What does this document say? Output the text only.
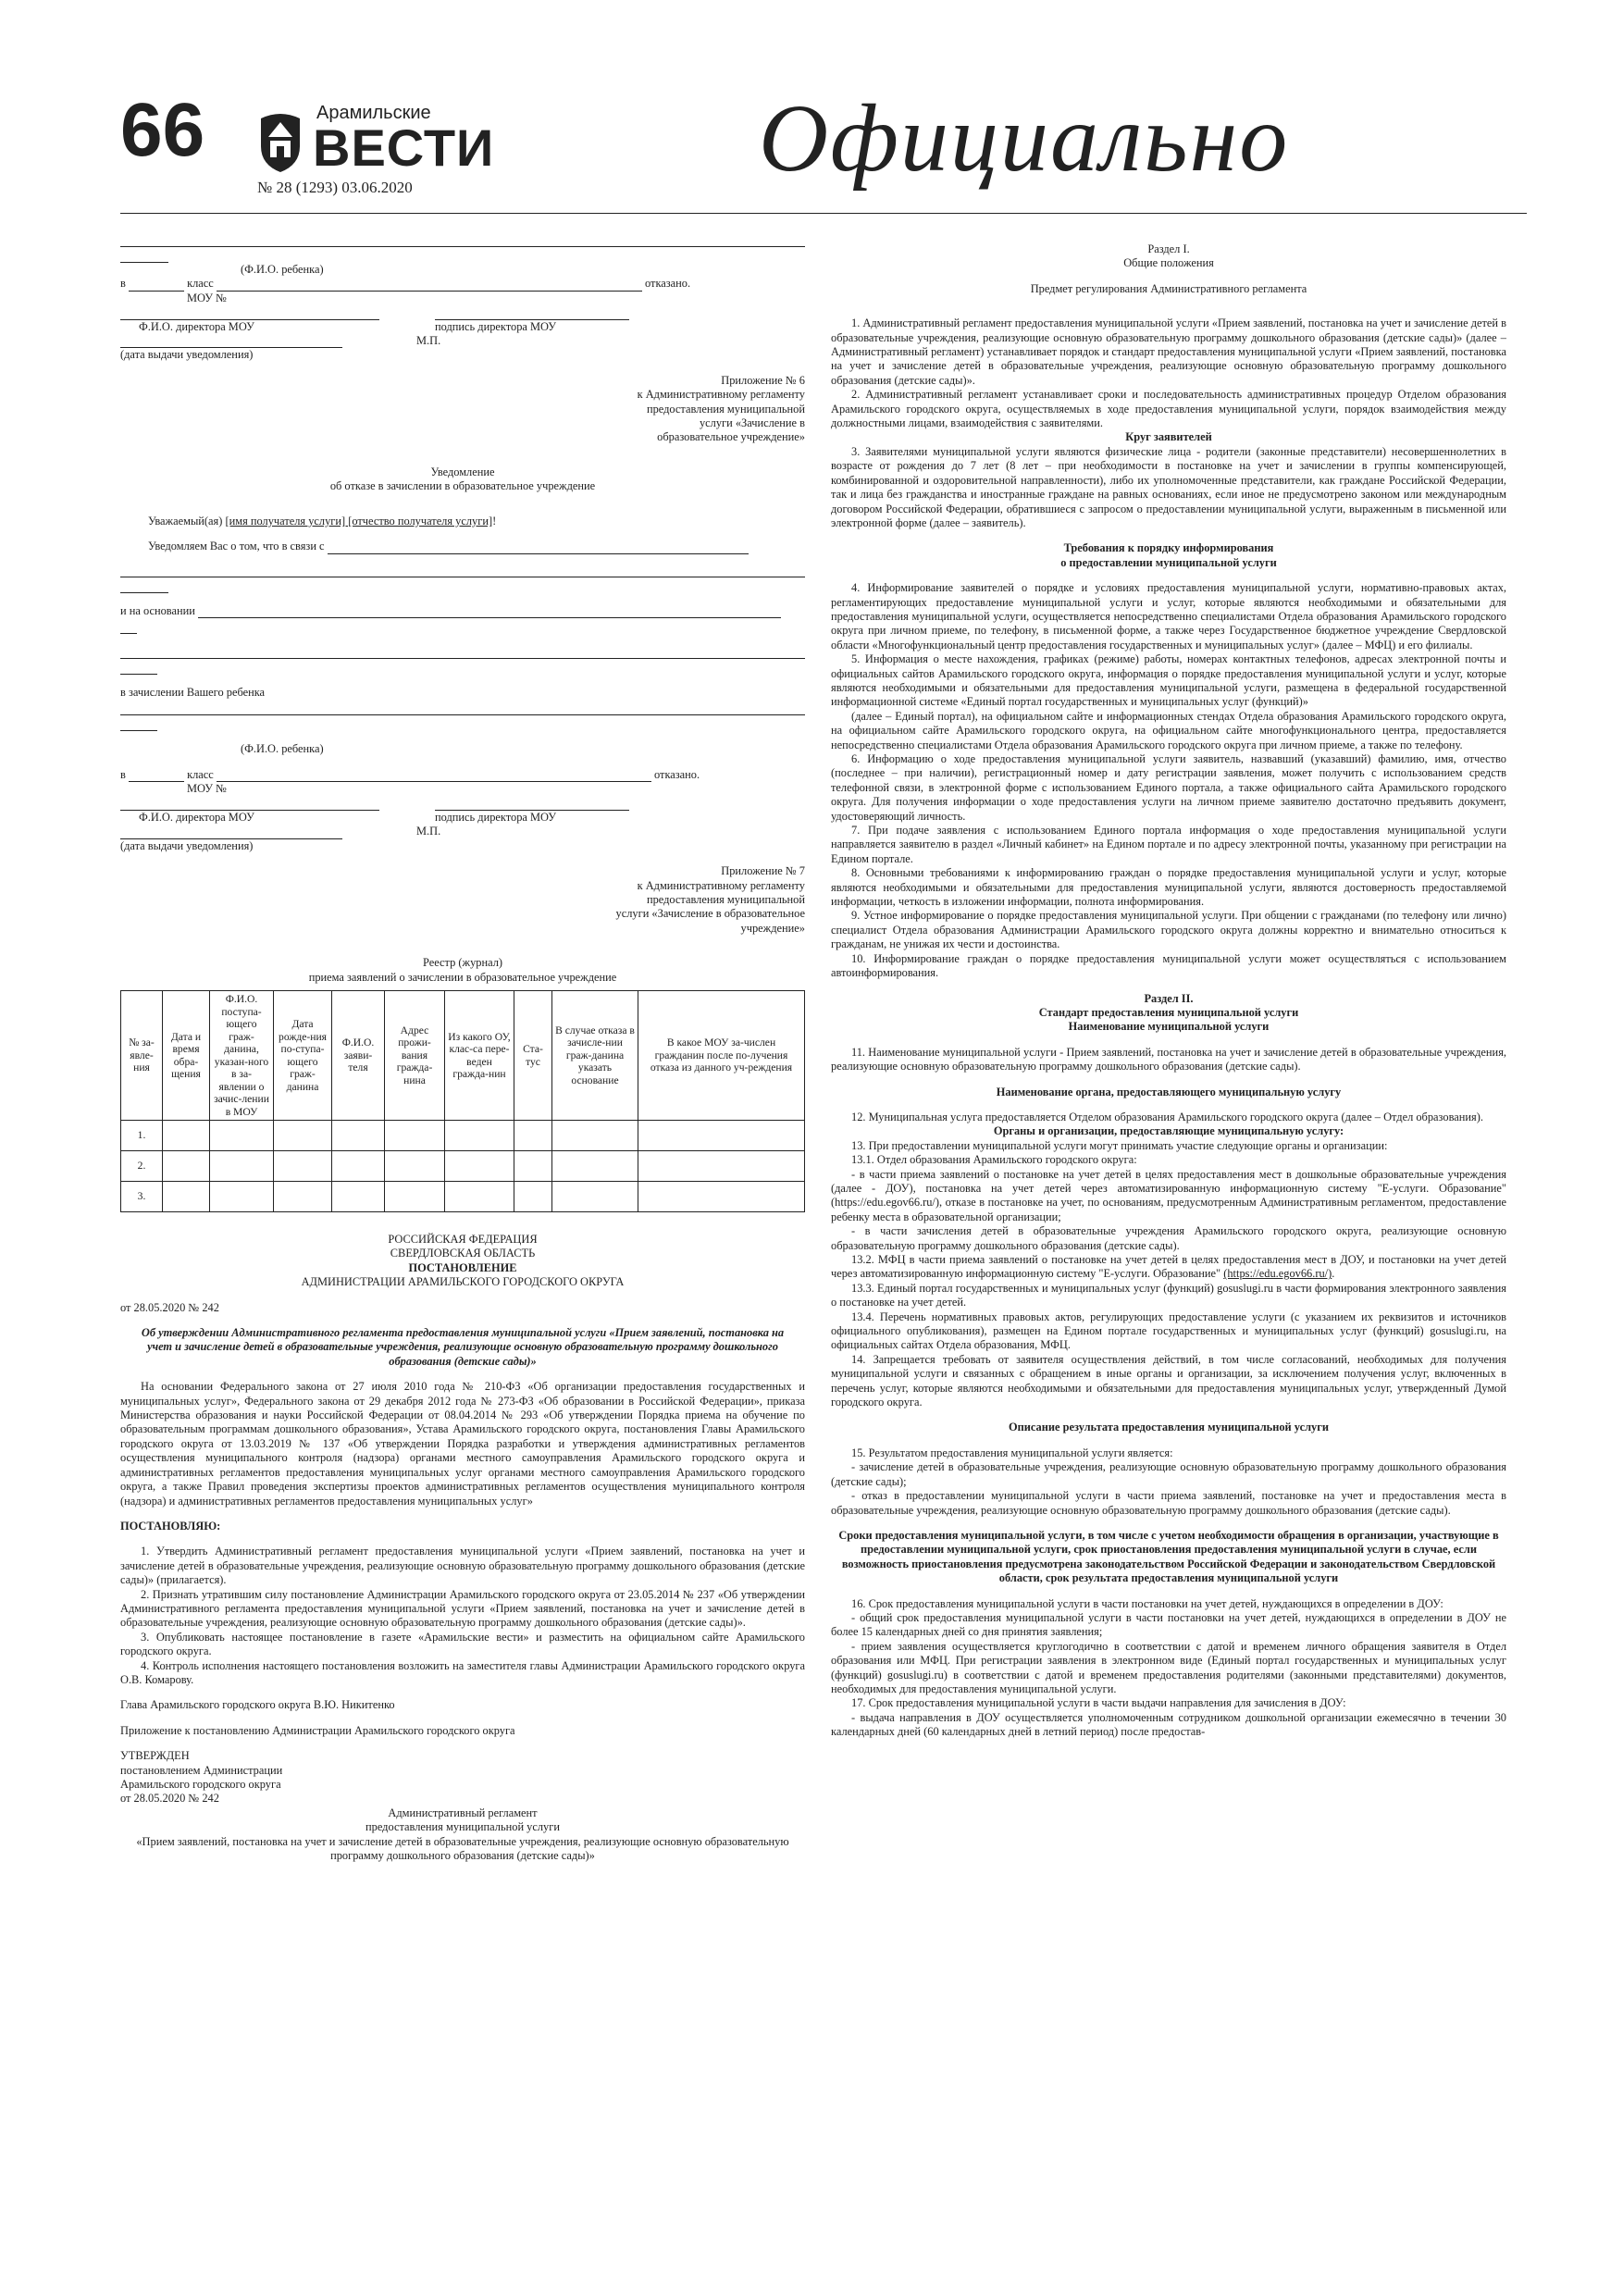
66	Арамильские
ВЕСТИ
№ 28 (1293) 03.06.2020	Официально

(Ф.И.О. ребенка)

в	класс	отказано.

МОУ №

Ф.И.О. директора МОУ	подпись директора МОУ

М.П.

(дата выдачи уведомления)

Приложение № 6

к Административному регламенту

предоставления муниципальной

услуги «Зачисление в

образовательное учреждение»

Уведомление

об отказе в зачислении в образовательное учреждение

Уважаемый(ая) [имя получателя услуги] [отчество получателя услуги]!

Уведомляем Вас о том, что в связи с

и на основании

в зачислении Вашего ребенка

(Ф.И.О. ребенка)

в	класс	отказано.

МОУ №

Ф.И.О. директора МОУ	подпись директора МОУ

М.П.

(дата выдачи уведомления)

Приложение № 7

к Административному регламенту

предоставления муниципальной

услуги «Зачисление в образовательное

учреждение»

Реестр (журнал)

приема заявлений о зачислении в образовательное учреждение

№ за-явле-ния	Дата и время обра-щения	Ф.И.О. поступа-ющего граж-данина, указан-ного в за-явлении о зачис-лении в МОУ	Дата рожде-ния по-ступа-ющего граж-данина	Ф.И.О. заяви-теля	Адрес прожи-вания гражда-нина	Из какого ОУ, клас-са пере-веден гражда-нин	Ста-тус	В случае отказа в зачисле-нии граж-данина указать основание	В какое МОУ за-числен гражданин после по-лучения отказа из данного уч-реждения
1.									
2.									
3.									

РОССИЙСКАЯ ФЕДЕРАЦИЯ

СВЕРДЛОВСКАЯ ОБЛАСТЬ

ПОСТАНОВЛЕНИЕ

АДМИНИСТРАЦИИ АРАМИЛЬСКОГО ГОРОДСКОГО ОКРУГА

от 28.05.2020 № 242

Об утверждении Административного регламента предоставления муниципальной услуги «Прием заявлений, постановка на учет и зачисление детей в образовательные учреждения, реализующие основную образовательную программу дошкольного образования (детские сады)»

На основании Федерального закона от 27 июля 2010 года № 210-ФЗ «Об организации предоставления государственных и муниципальных услуг», Федерального закона от 29 декабря 2012 года № 273-ФЗ «Об образовании в Российской Федерации», приказа Министерства образования и науки Российской Федерации от 08.04.2014 № 293 «Об утверждении Порядка приема на обучение по образовательным программам дошкольного образования», Устава Арамильского городского округа, постановления Главы Арамильского городского округа от 13.03.2019 № 137 «Об утверждении Порядка разработки и утверждения административных регламентов осуществления муниципального контроля (надзора) органами местного самоуправления Арамильского городского округа и административных регламентов предоставления муниципальных услуг органами местного самоуправления Арамильского городского округа, а также Правил проведения экспертизы проектов административных регламентов осуществления муниципального контроля (надзора) и административных регламентов предоставления муниципальных услуг»

ПОСТАНОВЛЯЮ:

1. Утвердить Административный регламент предоставления муниципальной услуги «Прием заявлений, постановка на учет и зачисление детей в образовательные учреждения, реализующие основную образовательную программу дошкольного образования (детские сады)» (прилагается).

2. Признать утратившим силу постановление Администрации Арамильского городского округа от 23.05.2014 № 237 «Об утверждении Административного регламента предоставления муниципальной услуги «Прием заявлений, постановка на учет и зачисление детей в образовательные учреждения, реализующие основную образовательную программу дошкольного образования (детские сады)».

3. Опубликовать настоящее постановление в газете «Арамильские вести» и разместить на официальном сайте Арамильского городского округа.

4. Контроль исполнения настоящего постановления возложить на заместителя главы Администрации Арамильского городского округа О.В. Комарову.

Глава Арамильского городского округа В.Ю. Никитенко

Приложение к постановлению Администрации Арамильского городского округа

УТВЕРЖДЕН

постановлением Администрации

Арамильского городского округа

от 28.05.2020 № 242

Административный регламент

предоставления муниципальной услуги

«Прием заявлений, постановка на учет и зачисление детей в образовательные учреждения, реализующие основную образовательную программу дошкольного образования (детские сады)»

Раздел I.

Общие положения

Предмет регулирования Административного регламента

1. Административный регламент предоставления муниципальной услуги «Прием заявлений, постановка на учет и зачисление детей в образовательные учреждения, реализующие основную образовательную программу дошкольного образования (детские сады)» (далее – Административный регламент) устанавливает порядок и стандарт предоставления муниципальной услуги «Прием заявлений, постановка на учет и зачисление детей в образовательные учреждения, реализующие основную образовательную программу дошкольного образования (детские сады)».

2. Административный регламент устанавливает сроки и последовательность административных процедур Отделом образования Арамильского городского округа, осуществляемых в ходе предоставления муниципальной услуги, порядок взаимодействия между должностными лицами, взаимодействия с заявителями.

Круг заявителей

3. Заявителями муниципальной услуги являются физические лица - родители (законные представители) несовершеннолетних в возрасте от рождения до 7 лет (8 лет – при необходимости в постановке на учет и зачислении в группы компенсирующей, комбинированной и оздоровительной направленности), либо их уполномоченные представители, как граждане Российской Федерации, так и лица без гражданства и иностранные граждане на равных основаниях, если иное не предусмотрено законом или международным договором Российской Федерации, обратившиеся с запросом о предоставлении муниципальной услуги, выраженным в письменной или электронной форме (далее – заявитель).

Требования к порядку информирования

о предоставлении муниципальной услуги

4. Информирование заявителей о порядке и условиях предоставления муниципальной услуги, нормативно-правовых актах, регламентирующих предоставление муниципальной услуги и услуг, которые являются необходимыми и обязательными для предоставления муниципальной услуги, осуществляется непосредственно специалистами Отдела образования Арамильского городского округа при личном приеме, по телефону, в письменной форме, а также через Государственное бюджетное учреждение Свердловской области «Многофункциональный центр предоставления государственных и муниципальных услуг» (далее – МФЦ) и его филиалы.

5. Информация о месте нахождения, графиках (режиме) работы, номерах контактных телефонов, адресах электронной почты и официальных сайтов Арамильского городского округа, информация о порядке предоставления муниципальной услуги и услуг, которые являются необходимыми и обязательными для предоставления муниципальной услуги, размещена в федеральной государственной информационной системе «Единый портал государственных и муниципальных услуг (функций)»

(далее – Единый портал), на официальном сайте и информационных стендах Отдела образования Арамильского городского округа, на официальном сайте Арамильского городского округа, на официальном сайте многофункционального центра, предоставляется непосредственно специалистами Отдела образования Арамильского городского округа при личном приеме, а также по телефону.

6. Информацию о ходе предоставления муниципальной услуги заявитель, назвавший (указавший) фамилию, имя, отчество (последнее – при наличии), регистрационный номер и дату регистрации заявления, может получить с использованием средств телефонной связи, в электронной форме с использованием Единого портала, а также официального сайта Арамильского городского округа. Для получения информации о ходе предоставления услуги на личном приеме заявителю достаточно предъявить документ, удостоверяющий личность.

7. При подаче заявления с использованием Единого портала информация о ходе предоставления муниципальной услуги направляется заявителю в раздел «Личный кабинет» на Едином портале и по адресу электронной почты, указанному при регистрации на Едином портале.

8. Основными требованиями к информированию граждан о порядке предоставления муниципальной услуги и услуг, которые являются необходимыми и обязательными для предоставления муниципальной услуги, являются достоверность предоставляемой информации, четкость в изложении информации, полнота информирования.

9. Устное информирование о порядке предоставления муниципальной услуги. При общении с гражданами (по телефону или лично) специалист Отдела образования Администрации Арамильского городского округа должны корректно и внимательно относиться к гражданам, не унижая их чести и достоинства.

10. Информирование граждан о порядке предоставления муниципальной услуги может осуществляться с использованием автоинформирования.

Раздел II.

Стандарт предоставления муниципальной услуги

Наименование муниципальной услуги

11. Наименование муниципальной услуги - Прием заявлений, постановка на учет и зачисление детей в образовательные учреждения, реализующие основную образовательную программу дошкольного образования (детские сады).

Наименование органа, предоставляющего муниципальную услугу

12. Муниципальная услуга предоставляется Отделом образования Арамильского городского округа (далее – Отдел образования).

Органы и организации, предоставляющие муниципальную услугу:

13. При предоставлении муниципальной услуги могут принимать участие следующие органы и организации:

13.1. Отдел образования Арамильского городского округа:

- в части приема заявлений о постановке на учет детей в целях предоставления мест в дошкольные образовательные учреждения (далее - ДОУ), постановка на учет детей через автоматизированную информационную систему "Е-услуги. Образование" (https://edu.egov66.ru/), отказе в постановке на учет, по основаниям, предусмотренным Административным регламентом, предоставление ребенку места в образовательной организации;

- в части зачисления детей в образовательные учреждения Арамильского городского округа, реализующие основную образовательную программу дошкольного образования (детские сады).

13.2. МФЦ в части приема заявлений о постановке на учет детей в целях предоставления мест в ДОУ, и постановки на учет детей через автоматизированную информационную систему "Е-услуги. Образование" (https://edu.egov66.ru/).

13.3. Единый портал государственных и муниципальных услуг (функций) gosuslugi.ru в части формирования электронного заявления о постановке на учет детей.

13.4. Перечень нормативных правовых актов, регулирующих предоставление услуги (с указанием их реквизитов и источников официального опубликования), размещен на Едином портале государственных и муниципальных услуг (функций) gosuslugi.ru, на официальных сайтах Отдела образования, МФЦ.

14. Запрещается требовать от заявителя осуществления действий, в том числе согласований, необходимых для получения муниципальной услуги и связанных с обращением в иные органы и организации, за исключением получения услуг, включенных в перечень услуг, которые являются необходимыми и обязательными для предоставления муниципальных услуг, утвержденный Думой городского округа.

Описание результата предоставления муниципальной услуги

15. Результатом предоставления муниципальной услуги является:

- зачисление детей в образовательные учреждения, реализующие основную образовательную программу дошкольного образования (детские сады);

- отказ в предоставлении муниципальной услуги в части приема заявлений, постановке на учет и предоставления места в образовательные учреждения, реализующие основную образовательную программу дошкольного образования (детские сады).

Сроки предоставления муниципальной услуги, в том числе с учетом необходимости обращения в организации, участвующие в предоставлении муниципальной услуги, срок приостановления предоставления муниципальной услуги в случае, если возможность приостановления предусмотрена законодательством Российской Федерации и законодательством Свердловской области, срок результата предоставления муниципальной услуги

16. Срок предоставления муниципальной услуги в части постановки на учет детей, нуждающихся в определении в ДОУ:

- общий срок предоставления муниципальной услуги в части постановки на учет детей, нуждающихся в определении в ДОУ не более 15 календарных дней со дня принятия заявления;

- прием заявления осуществляется круглогодично в соответствии с датой и временем личного обращения заявителя в Отдел образования или МФЦ. При регистрации заявления в электронном виде (Единый портал государственных и муниципальных услуг (функций) gosuslugi.ru) в соответствии с датой и временем предоставления родителями (законными представителями) документов, необходимых для предоставления муниципальной услуги.

17. Срок предоставления муниципальной услуги в части выдачи направления для зачисления в ДОУ:

- выдача направления в ДОУ осуществляется уполномоченным сотрудником дошкольной организации ежемесячно в течении 30 календарных дней (60 календарных дней в летний период) после предостав-
